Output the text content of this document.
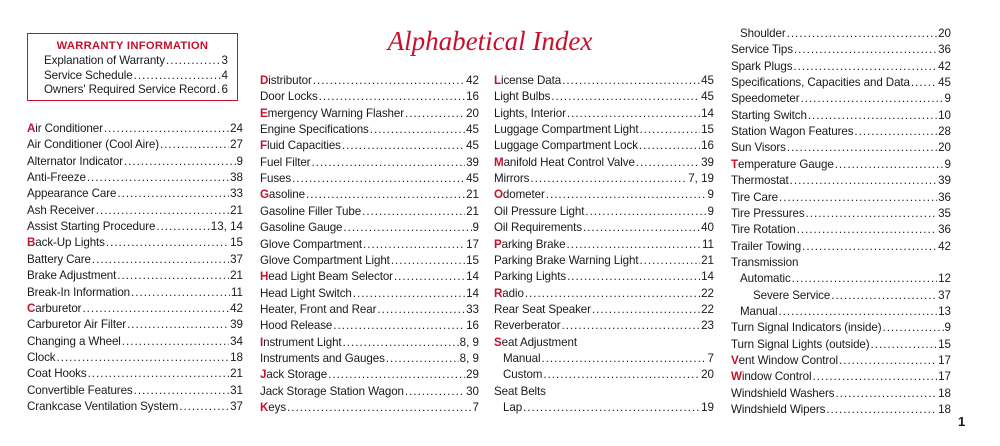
WARRANTY INFORMATION
Explanation of Warranty .....	3
Service Schedule .....	4
Owners' Required Service Record ..... 6
Alphabetical Index
Air Conditioner .....	24
Air Conditioner (Cool Aire) .....	27
Alternator Indicator .....	9
Anti-Freeze .....	38
Appearance Care .....	33
Ash Receiver .....	21
Assist Starting Procedure .....	13, 14
Back-Up Lights .....	15
Battery Care .....	37
Brake Adjustment .....	21
Break-In Information .....	11
Carburetor .....	42
Carburetor Air Filter .....	39
Changing a Wheel .....	34
Clock .....	18
Coat Hooks .....	21
Convertible Features .....	31
Crankcase Ventilation System .....	37
Distributor .....	42
Door Locks .....	16
Emergency Warning Flasher .....	20
Engine Specifications .....	45
Fluid Capacities .....	45
Fuel Filter .....	39
Fuses .....	45
Gasoline .....	21
Gasoline Filler Tube .....	21
Gasoline Gauge .....	9
Glove Compartment .....	17
Glove Compartment Light .....	15
Head Light Beam Selector .....	14
Head Light Switch .....	14
Heater, Front and Rear .....	33
Hood Release .....	16
Instrument Light .....	8, 9
Instruments and Gauges .....	8, 9
Jack Storage .....	29
Jack Storage Station Wagon .....	30
Keys .....	7
License Data .....	45
Light Bulbs .....	45
Lights, Interior .....	14
Luggage Compartment Light .....	15
Luggage Compartment Lock .....	16
Manifold Heat Control Valve .....	39
Mirrors .....	7, 19
Odometer .....	9
Oil Pressure Light .....	9
Oil Requirements .....	40
Parking Brake .....	11
Parking Brake Warning Light .....	21
Parking Lights .....	14
Radio .....	22
Rear Seat Speaker .....	22
Reverberator .....	23
Seat Adjustment
Manual .....	7
Custom .....	20
Seat Belts
Lap .....	19
Shoulder .....	20
Service Tips .....	36
Spark Plugs .....	42
Specifications, Capacities and Data ..... 45
Speedometer .....	9
Starting Switch .....	10
Station Wagon Features .....	28
Sun Visors .....	20
Temperature Gauge .....	9
Thermostat .....	39
Tire Care .....	36
Tire Pressures .....	35
Tire Rotation .....	36
Trailer Towing .....	42
Transmission
Automatic .....	12
Severe Service .....	37
Manual .....	13
Turn Signal Indicators (inside) .....	9
Turn Signal Lights (outside) .....	15
Vent Window Control .....	17
Window Control .....	17
Windshield Washers .....	18
Windshield Wipers .....	18
1
